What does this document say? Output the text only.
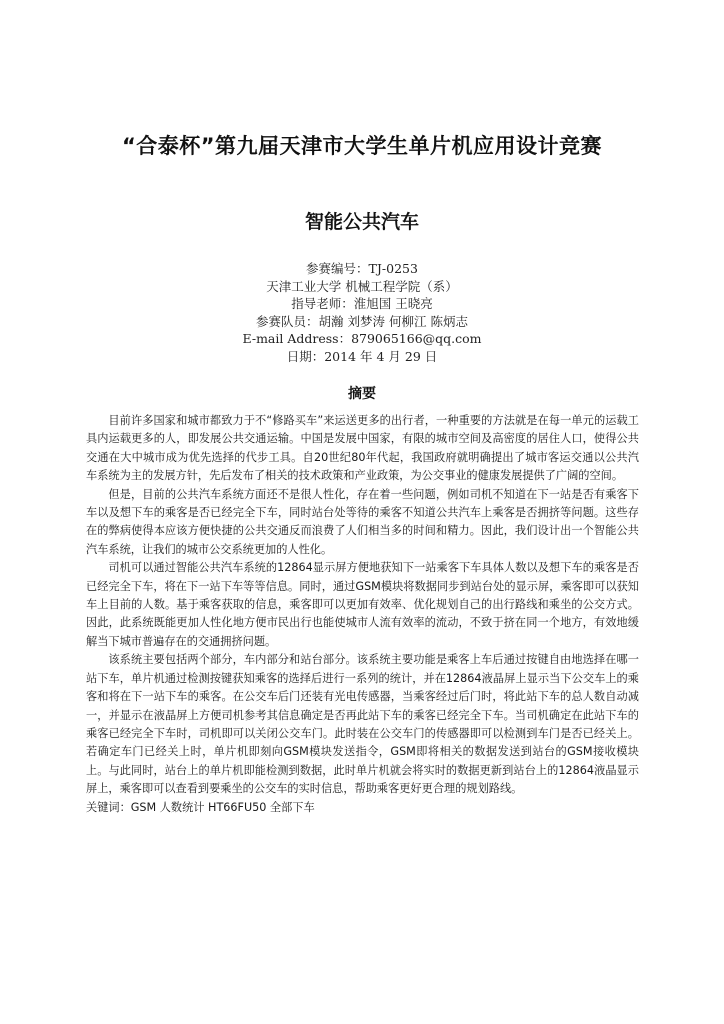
“合泰杯”第九届天津市大学生单片机应用设计竞赛
智能公共汽车
参赛编号：TJ-0253
天津工业大学 机械工程学院（系）
指导老师：淮旭国 王晓亮
参赛队员：胡瀚 刘梦涛 何柳江 陈炳志
E-mail Address：879065166@qq.com
日期：2014 年 4 月 29 日
摘要

目前许多国家和城市都致力于不“修路买车”来运送更多的出行者，一种重要的方法就是在每一单元的运载工具内运载更多的人，即发展公共交通运输。中国是发展中国家，有限的城市空间及高密度的居住人口，使得公共交通在大中城市成为优先选择的代步工具。自20世纪80年代起，我国政府就明确提出了城市客运交通以公共汽车系统为主的发展方针，先后发布了相关的技术政策和产业政策，为公交事业的健康发展提供了广阔的空间。

但是，目前的公共汽车系统方面还不是很人性化，存在着一些问题，例如司机不知道在下一站是否有乘客下车以及想下车的乘客是否已经完全下车，同时站台处等待的乘客不知道公共汽车上乘客是否拥挤等问题。这些存在的弊病使得本应该方便快捷的公共交通反而浪费了人们相当多的时间和精力。因此，我们设计出一个智能公共汽车系统，让我们的城市公交系统更加的人性化。

司机可以通过智能公共汽车系统的12864显示屏方便地获知下一站乘客下车具体人数以及想下车的乘客是否已经完全下车，将在下一站下车等等信息。同时，通过GSM模块将数据同步到站台处的显示屏，乘客即可以获知车上目前的人数。基于乘客获取的信息，乘客即可以更加有效率、优化规划自己的出行路线和乘坐的公交方式。因此，此系统既能更加人性化地方便市民出行也能使城市人流有效率的流动，不致于挤在同一个地方，有效地缓解当下城市普遍存在的交通拥挤问题。

该系统主要包括两个部分，车内部分和站台部分。该系统主要功能是乘客上车后通过按键自由地选择在哪一站下车，单片机通过检测按键获知乘客的选择后进行一系列的统计，并在12864液晶屏上显示当下公交车上的乘客和将在下一站下车的乘客。在公交车后门还装有光电传感器，当乘客经过后门时，将此站下车的总人数自动减一，并显示在液晶屏上方便司机参考其信息确定是否再此站下车的乘客已经完全下车。当司机确定在此站下车的乘客已经完全下车时，司机即可以关闭公交车门。此时装在公交车门的传感器即可以检测到车门是否已经关上。若确定车门已经关上时，单片机即刻向GSM模块发送指令，GSM即将相关的数据发送到站台的GSM接收模块上。与此同时，站台上的单片机即能检测到数据，此时单片机就会将实时的数据更新到站台上的12864液晶显示屏上，乘客即可以查看到要乘坐的公交车的实时信息，帮助乘客更好更合理的规划路线。

关键词：GSM 人数统计 HT66FU50 全部下车
